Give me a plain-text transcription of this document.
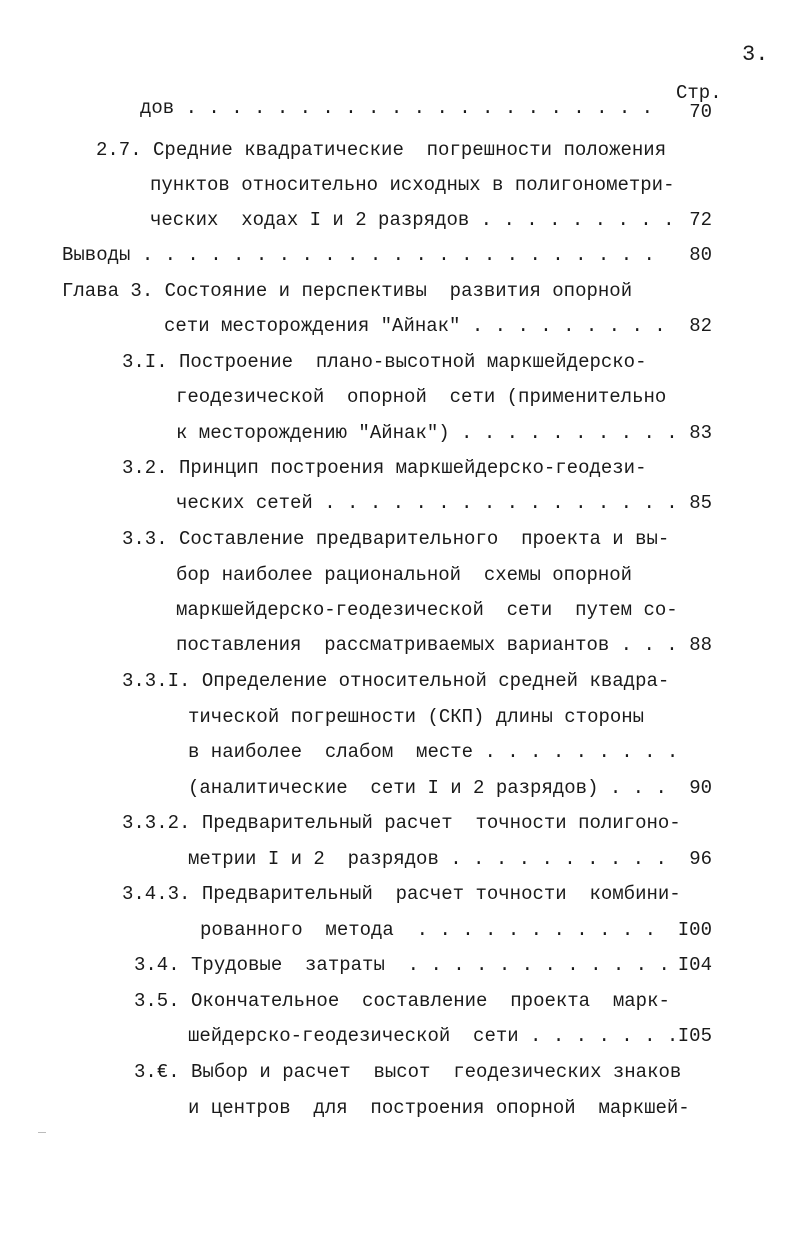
3.
Стр.
дов . . . . . . . . . . . . . . . . . . . . .	70
2.7. Средние квадратические  погрешности положения
пунктов относительно исходных в полигонометри-
ческих  ходах I и 2 разрядов . . . . . . . . . 72
Выводы . . . . . . . . . . . . . . . . . . . . . . .	80
Глава 3. Состояние и перспективы  развития опорной
сети месторождения "Айнак" . . . . . . . . .	82
3.I. Построение  плано-высотной маркшейдерско-
геодезической  опорной  сети (применительно
к месторождению "Айнак") . . . . . . . . . . 83
3.2. Принцип построения маркшейдерско-геодези-
ческих сетей . . . . . . . . . . . . . . . . 85
3.3. Составление предварительного  проекта и вы-
бор наиболее рациональной  схемы опорной
маркшейдерско-геодезической  сети  путем со-
поставления  рассматриваемых вариантов . . . 88
3.3.I. Определение относительной средней квадра-
тической погрешности (СКП) длины стороны
в наиболее  слабом  месте . . . . . . . . .
(аналитические  сети I и 2 разрядов) . . .	90
3.3.2. Предварительный расчет  точности полигоно-
метрии I и 2  разрядов . . . . . . . . . .	96
3.4.3. Предварительный  расчет точности  комбини-
рованного  метода  . . . . . . . . . . .	I00
3.4. Трудовые  затраты  . . . . . . . . . . . . I04
3.5. Окончательное  составление  проекта  марк-
шейдерско-геодезической  сети . . . . . . . I05
3.€. Выбор и расчет  высот  геодезических знаков
и центров  для  построения опорной  маркшей-
